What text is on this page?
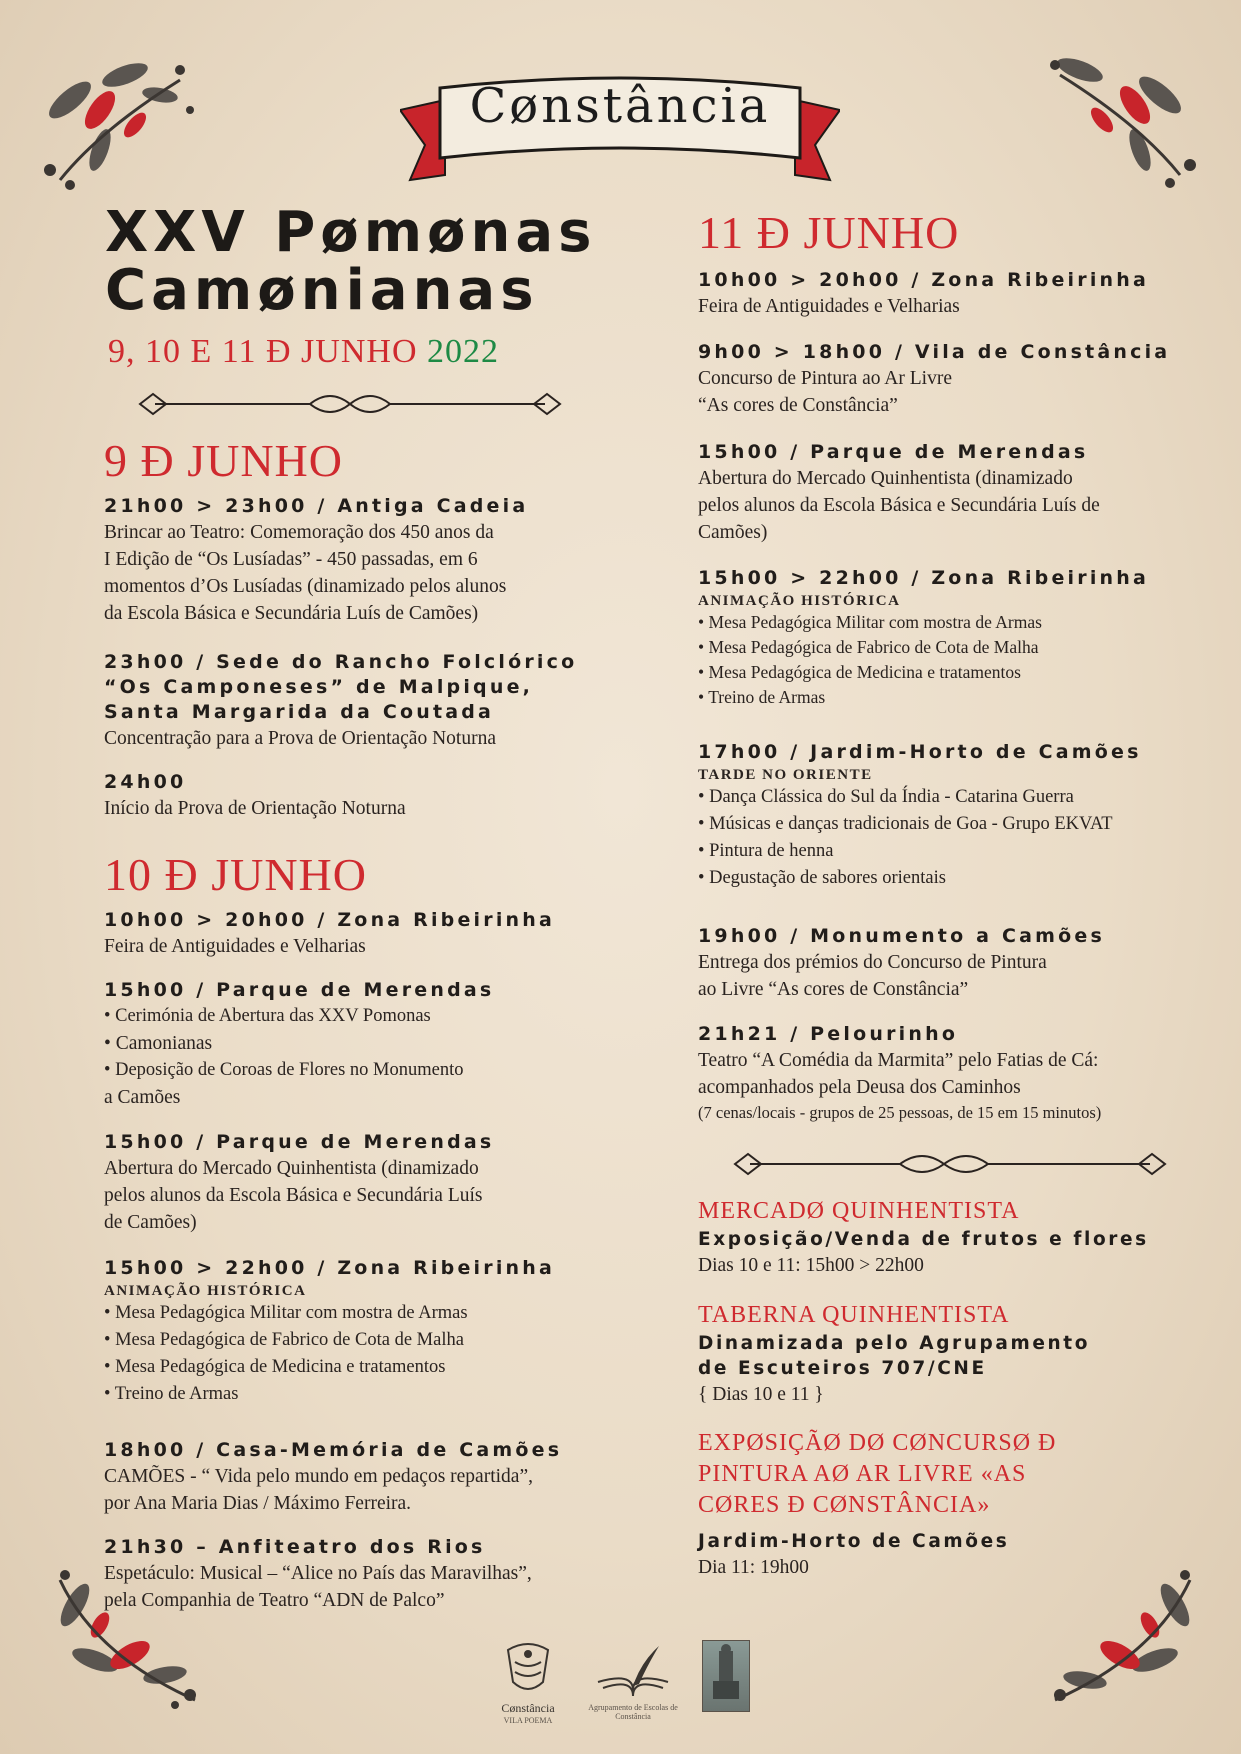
Cønstância
XXV Pømønas
Camønianas
9, 10 E 11 Đ JUNHO 2022
9 Đ JUNHO
21h00 > 23h00 / Antiga Cadeia
Brincar ao Teatro: Comemoração dos 450 anos da
I Edição de “Os Lusíadas” - 450 passadas, em 6
momentos d’Os Lusíadas (dinamizado pelos alunos
da Escola Básica e Secundária Luís de Camões)
23h00 / Sede do Rancho Folclórico
“Os Camponeses” de Malpique,
Santa Margarida da Coutada
Concentração para a Prova de Orientação Noturna
24h00
Início da Prova de Orientação Noturna
10 Đ JUNHO
10h00 > 20h00 / Zona Ribeirinha
Feira de Antiguidades e Velharias
15h00 / Parque de Merendas
• Cerimónia de Abertura das XXV Pomonas
• Camonianas
• Deposição de Coroas de Flores no Monumento
a Camões
15h00 / Parque de Merendas
Abertura do Mercado Quinhentista (dinamizado
pelos alunos da Escola Básica e Secundária Luís
de Camões)
15h00 > 22h00 / Zona Ribeirinha
ANIMAÇÃO HISTÓRICA
• Mesa Pedagógica Militar com mostra de Armas
• Mesa Pedagógica de Fabrico de Cota de Malha
• Mesa Pedagógica de Medicina e tratamentos
• Treino de Armas
18h00 / Casa-Memória de Camões
CAMÕES - “ Vida pelo mundo em pedaços repartida”,
por Ana Maria Dias / Máximo Ferreira.
21h30 – Anfiteatro dos Rios
Espetáculo: Musical – “Alice no País das Maravilhas”,
pela Companhia de Teatro “ADN de Palco”
11 Đ JUNHO
10h00 > 20h00 / Zona Ribeirinha
Feira de Antiguidades e Velharias
9h00 > 18h00 / Vila de Constância
Concurso de Pintura ao Ar Livre
“As cores de Constância”
15h00 / Parque de Merendas
Abertura do Mercado Quinhentista (dinamizado
pelos alunos da Escola Básica e Secundária Luís de
Camões)
15h00 > 22h00 / Zona Ribeirinha
ANIMAÇÃO HISTÓRICA
• Mesa Pedagógica Militar com mostra de Armas
• Mesa Pedagógica de Fabrico de Cota de Malha
• Mesa Pedagógica de Medicina e tratamentos
• Treino de Armas
17h00 / Jardim-Horto de Camões
TARDE NO ORIENTE
• Dança Clássica do Sul da Índia - Catarina Guerra
• Músicas e danças tradicionais de Goa - Grupo EKVAT
• Pintura de henna
• Degustação de sabores orientais
19h00 / Monumento a Camões
Entrega dos prémios do Concurso de Pintura
ao Livre “As cores de Constância”
21h21 / Pelourinho
Teatro “A Comédia da Marmita” pelo Fatias de Cá:
acompanhados pela Deusa dos Caminhos
(7 cenas/locais - grupos de 25 pessoas, de 15 em 15 minutos)
MERCADØ QUINHENTISTA
Exposição/Venda de frutos e flores
Dias 10 e 11: 15h00 > 22h00
TABERNA QUINHENTISTA
Dinamizada pelo Agrupamento
de Escuteiros 707/CNE
{ Dias 10 e 11 }
EXPØSIÇÃØ DØ CØNCURSØ Đ
PINTURA AØ AR LIVRE «AS
CØRES Đ CØNSTÂNCIA»
Jardim-Horto de Camões
Dia 11: 19h00
Cønstância
VILA POEMA
Agrupamento de Escolas de Constância
